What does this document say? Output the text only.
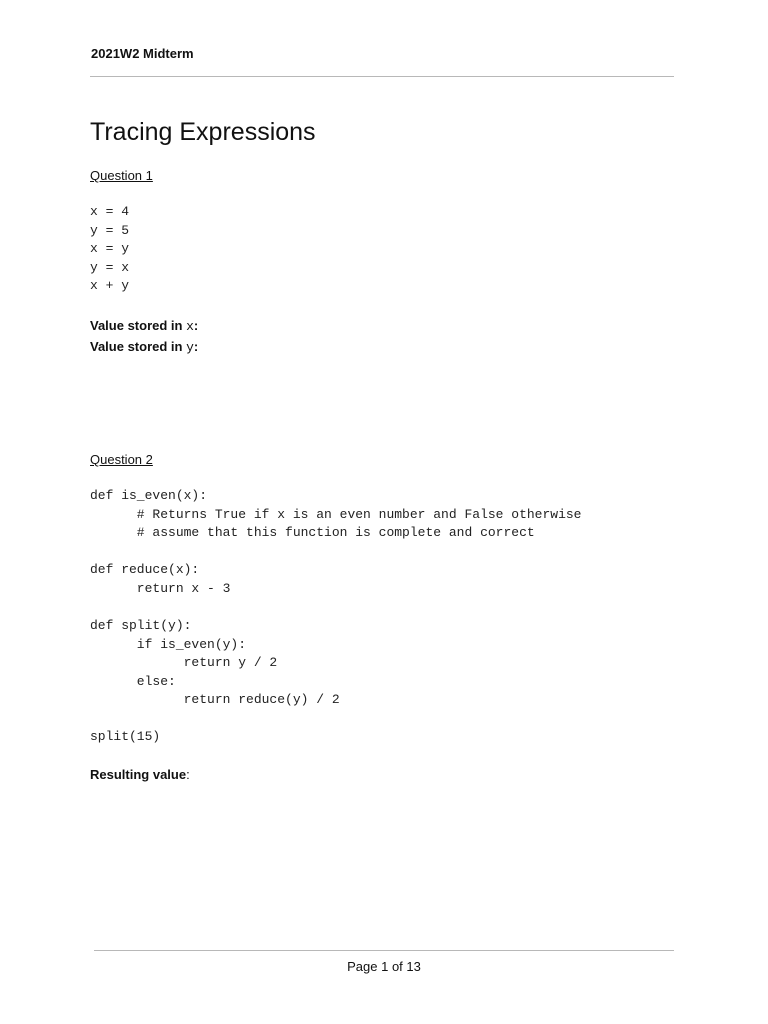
2021W2 Midterm
Tracing Expressions
Question 1
x = 4
y = 5
x = y
y = x
x + y
Value stored in x:
Value stored in y:
Question 2
def is_even(x):
# Returns True if x is an even number and False otherwise
# assume that this function is complete and correct
def reduce(x):
return x - 3
def split(y):
if is_even(y):
return y / 2
else:
return reduce(y) / 2
split(15)
Resulting value:
Page 1 of 13
